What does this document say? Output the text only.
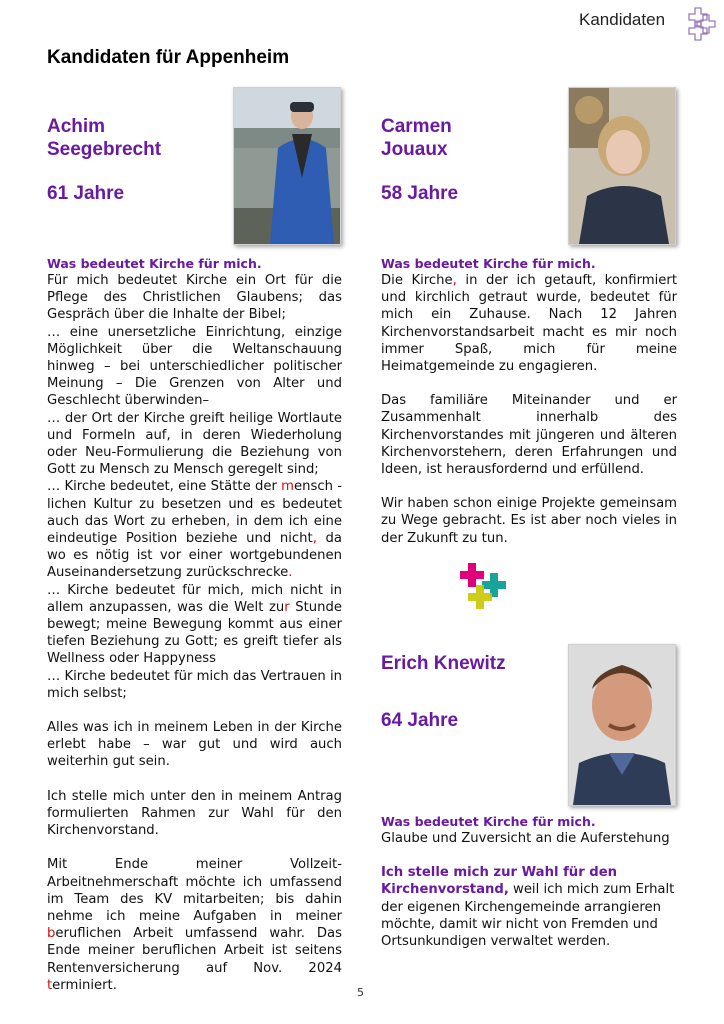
Kandidaten
Kandidaten für Appenheim
Achim
Seegebrecht
61 Jahre
Was bedeutet Kirche für mich.

Für mich bedeutet Kirche ein Ort für die Pflege des Christlichen Glaubens; das Gespräch über die Inhalte der Bibel;

… eine unersetzliche Einrichtung, einzige Möglichkeit über die Weltanschauung hinweg – bei unterschiedlicher politischer Meinung – Die Grenzen von Alter und Geschlecht überwinden–

… der Ort der Kirche greift heilige Wortlaute und Formeln auf, in deren Wiederholung oder Neu-Formulierung die Beziehung von Gott zu Mensch zu Mensch geregelt sind;

… Kirche bedeutet, eine Stätte der mensch -lichen Kultur zu besetzen und es bedeutet auch das Wort zu erheben, in dem ich eine eindeutige Position beziehe und nicht, da wo es nötig ist vor einer wortgebundenen Auseinandersetzung zurückschrecke.

… Kirche bedeutet für mich, mich nicht in allem anzupassen, was die Welt zur Stunde bewegt; meine Bewegung kommt aus einer tiefen Beziehung zu Gott; es greift tiefer als Wellness oder Happyness

… Kirche bedeutet für mich das Vertrauen in mich selbst;

Alles was ich in meinem Leben in der Kirche erlebt habe – war gut und wird auch weiterhin gut sein.

Ich stelle mich unter den in meinem Antrag formulierten Rahmen zur Wahl für den Kirchenvorstand.

Mit Ende meiner Vollzeit-Arbeitnehmerschaft möchte ich umfassend im Team des KV mitarbeiten; bis dahin nehme ich meine Aufgaben in meiner beruflichen Arbeit umfassend wahr. Das Ende meiner beruflichen Arbeit ist seitens Rentenversicherung auf Nov. 2024 terminiert.

Carmen
Jouaux
58 Jahre
Was bedeutet Kirche für mich.

Die Kirche, in der ich getauft, konfirmiert und kirchlich getraut wurde, bedeutet für mich ein Zuhause. Nach 12 Jahren Kirchenvorstandsarbeit macht es mir noch immer Spaß, mich für meine Heimatgemeinde zu engagieren.

Das familiäre Miteinander und er Zusammenhalt innerhalb des Kirchenvorstandes mit jüngeren und älteren Kirchenvorstehern, deren Erfahrungen und Ideen, ist herausfordernd und erfüllend.

Wir haben schon einige Projekte gemeinsam zu Wege gebracht. Es ist aber noch vieles in der Zukunft zu tun.

Erich Knewitz
64 Jahre
Was bedeutet Kirche für mich.

Glaube und Zuversicht an die Auferstehung

Ich stelle mich zur Wahl für den Kirchenvorstand, weil ich mich zum Erhalt der eigenen Kirchengemeinde arrangieren möchte, damit wir nicht von Fremden und Ortsunkundigen verwaltet werden.

5
